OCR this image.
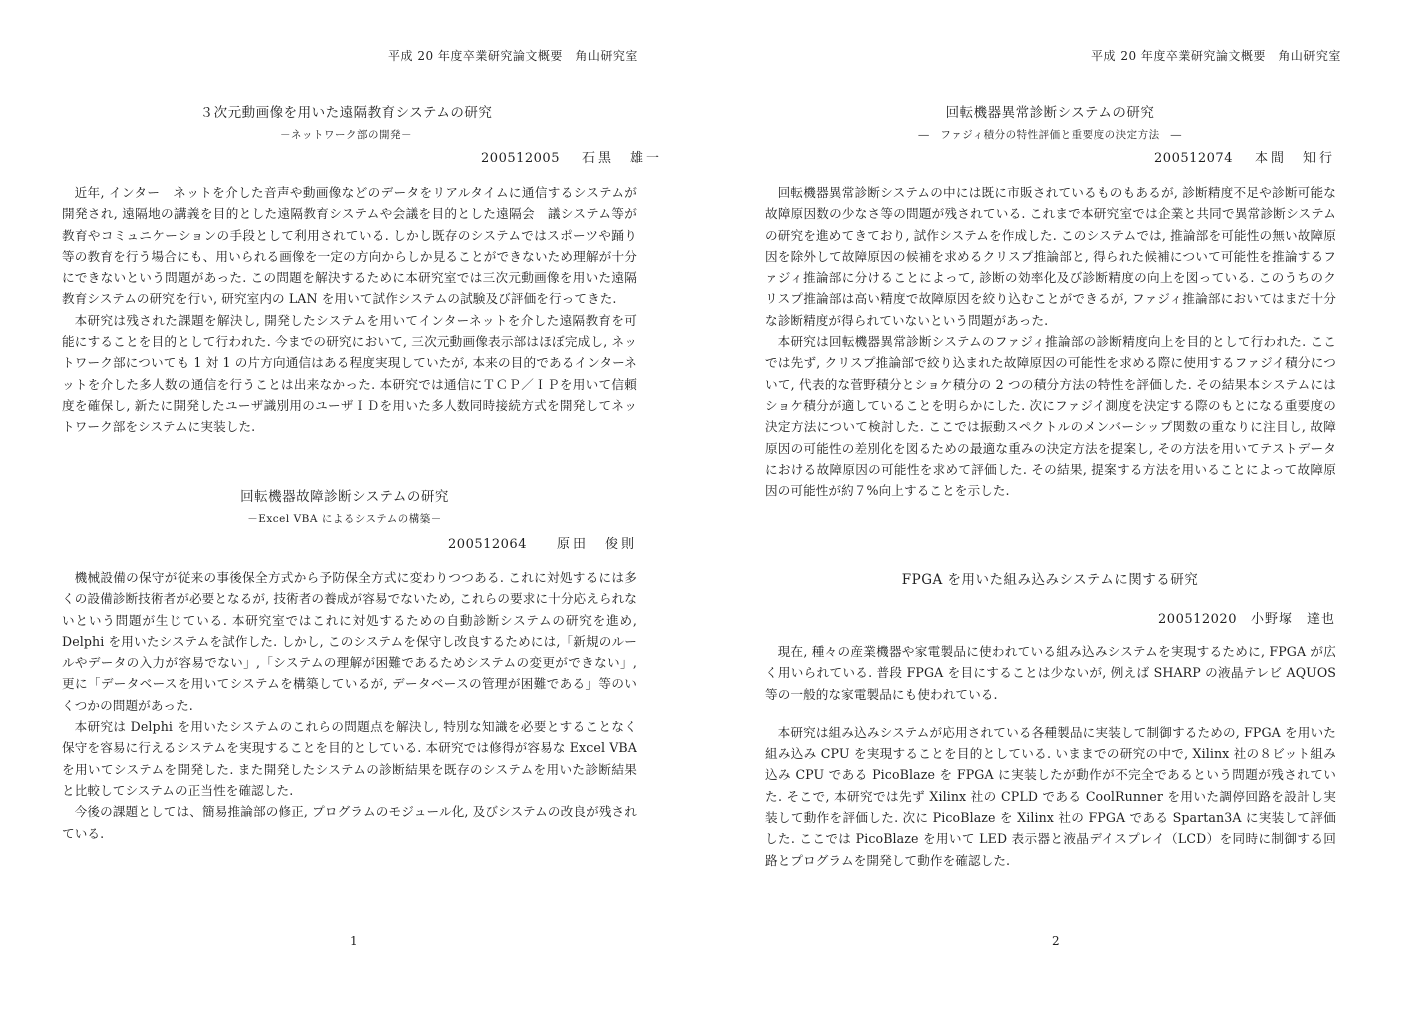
平成 20 年度卒業研究論文概要　角山研究室
３次元動画像を用いた遠隔教育システムの研究
－ネットワーク部の開発－
200512005 石黒　雄一

近年, インター　ネットを介した音声や動画像などのデータをリアルタイムに通信するシステムが開発され, 遠隔地の講義を目的とした遠隔教育システムや会議を目的とした遠隔会　議システム等が教育やコミュニケーションの手段として利用されている. しかし既存のシステムではスポーツや踊り等の教育を行う場合にも、用いられる画像を一定の方向からしか見ることができないため理解が十分にできないという問題があった. この問題を解決するために本研究室では三次元動画像を用いた遠隔教育システムの研究を行い, 研究室内の LAN を用いて試作システムの試験及び評価を行ってきた.

本研究は残された課題を解決し, 開発したシステムを用いてインターネットを介した遠隔教育を可能にすることを目的として行われた. 今までの研究において, 三次元動画像表示部はほぼ完成し, ネットワーク部についても 1 対 1 の片方向通信はある程度実現していたが, 本来の目的であるインターネットを介した多人数の通信を行うことは出来なかった. 本研究では通信にＴＣＰ／ＩＰを用いて信頼度を確保し, 新たに開発したユーザ識別用のユーザＩＤを用いた多人数同時接続方式を開発してネットワーク部をシステムに実装した.

回転機器故障診断システムの研究
－Excel VBA によるシステムの構築－
200512064 原田　俊則

機械設備の保守が従来の事後保全方式から予防保全方式に変わりつつある. これに対処するには多くの設備診断技術者が必要となるが, 技術者の養成が容易でないため, これらの要求に十分応えられないという問題が生じている. 本研究室ではこれに対処するための自動診断システムの研究を進め, Delphi を用いたシステムを試作した. しかし, このシステムを保守し改良するためには,「新規のルールやデータの入力が容易でない」,「システムの理解が困難であるためシステムの変更ができない」, 更に「データベースを用いてシステムを構築しているが, データベースの管理が困難である」等のいくつかの問題があった.

本研究は Delphi を用いたシステムのこれらの問題点を解決し, 特別な知識を必要とすることなく保守を容易に行えるシステムを実現することを目的としている. 本研究では修得が容易な Excel VBA を用いてシステムを開発した. また開発したシステムの診断結果を既存のシステムを用いた診断結果と比較してシステムの正当性を確認した.

今後の課題としては、簡易推論部の修正, プログラムのモジュール化, 及びシステムの改良が残されている.

1
平成 20 年度卒業研究論文概要　角山研究室
回転機器異常診断システムの研究
―　ファジィ積分の特性評価と重要度の決定方法　―
200512074 本間　知行

回転機器異常診断システムの中には既に市販されているものもあるが, 診断精度不足や診断可能な故障原因数の少なさ等の問題が残されている. これまで本研究室では企業と共同で異常診断システムの研究を進めてきており, 試作システムを作成した. このシステムでは, 推論部を可能性の無い故障原因を除外して故障原因の候補を求めるクリスプ推論部と, 得られた候補について可能性を推論するファジィ推論部に分けることによって, 診断の効率化及び診断精度の向上を図っている. このうちのクリスプ推論部は高い精度で故障原因を絞り込むことができるが, ファジィ推論部においてはまだ十分な診断精度が得られていないという問題があった.

本研究は回転機器異常診断システムのファジィ推論部の診断精度向上を目的として行われた. ここでは先ず, クリスプ推論部で絞り込まれた故障原因の可能性を求める際に使用するファジイ積分について, 代表的な菅野積分とショケ積分の 2 つの積分方法の特性を評価した. その結果本システムにはショケ積分が適していることを明らかにした. 次にファジイ測度を決定する際のもとになる重要度の決定方法について検討した. ここでは振動スペクトルのメンバーシップ関数の重なりに注目し, 故障原因の可能性の差別化を図るための最適な重みの決定方法を提案し, その方法を用いてテストデータにおける故障原因の可能性を求めて評価した. その結果, 提案する方法を用いることによって故障原因の可能性が約７%向上することを示した.

FPGA を用いた組み込みシステムに関する研究
200512020 小野塚　達也

現在, 種々の産業機器や家電製品に使われている組み込みシステムを実現するために, FPGA が広く用いられている. 普段 FPGA を目にすることは少ないが, 例えば SHARP の液晶テレビ AQUOS 等の一般的な家電製品にも使われている.

本研究は組み込みシステムが応用されている各種製品に実装して制御するための, FPGA を用いた組み込み CPU を実現することを目的としている. いままでの研究の中で, Xilinx 社の８ビット組み込み CPU である PicoBlaze を FPGA に実装したが動作が不完全であるという問題が残されていた. そこで, 本研究では先ず Xilinx 社の CPLD である CoolRunner を用いた調停回路を設計し実装して動作を評価した. 次に PicoBlaze を Xilinx 社の FPGA である Spartan3A に実装して評価した. ここでは PicoBlaze を用いて LED 表示器と液晶デイスプレイ（LCD）を同時に制御する回路とプログラムを開発して動作を確認した.

2
